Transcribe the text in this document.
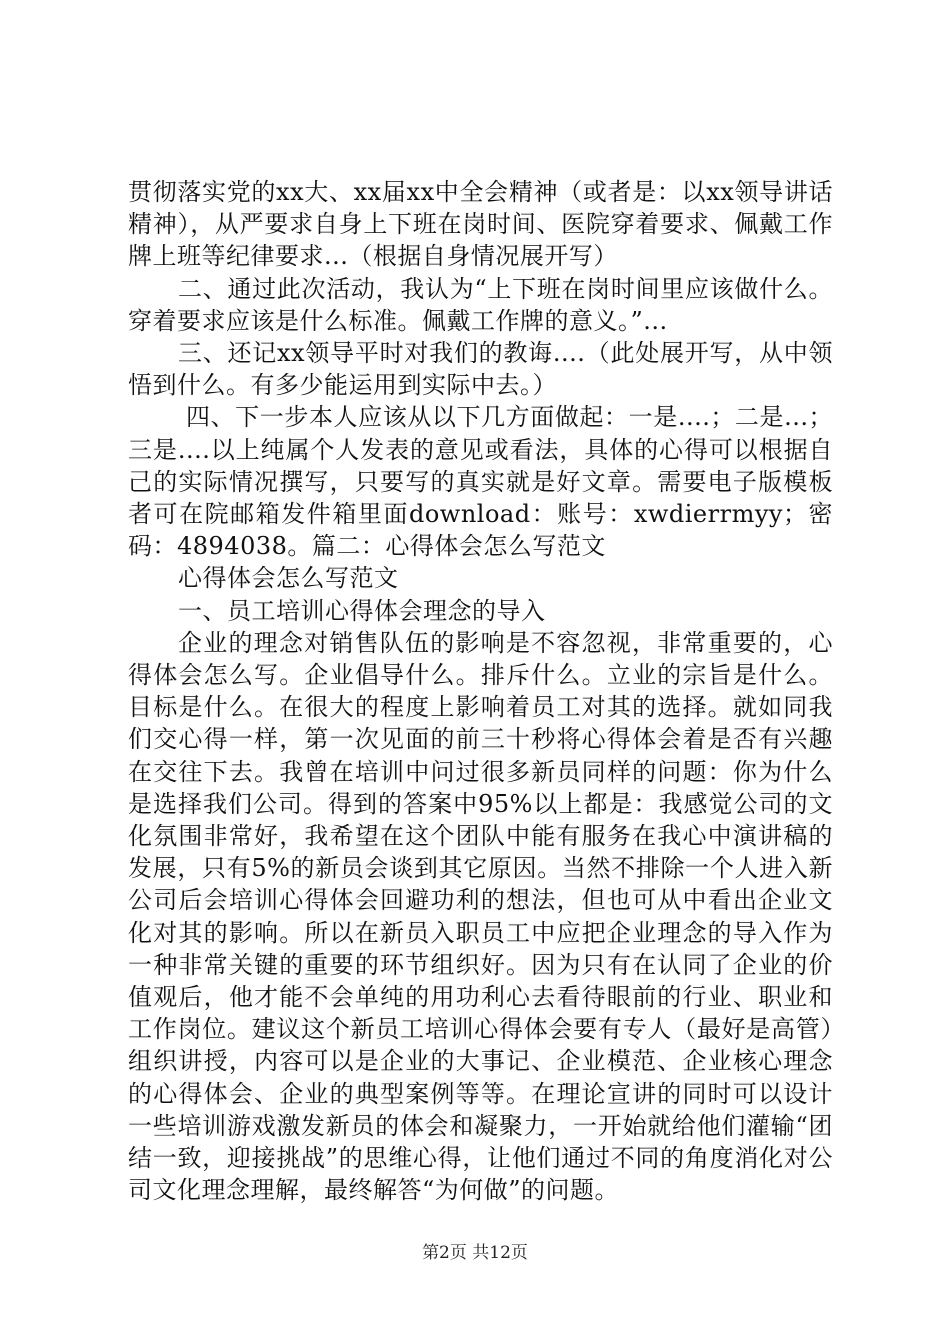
贯彻落实党的xx大、xx届xx中全会精神（或者是：以xx领导讲话精神），从严要求自身上下班在岗时间、医院穿着要求、佩戴工作牌上班等纪律要求...（根据自身情况展开写）

二、通过此次活动，我认为“上下班在岗时间里应该做什么。穿着要求应该是什么标准。佩戴工作牌的意义。”...

三、还记xx领导平时对我们的教诲....（此处展开写，从中领悟到什么。有多少能运用到实际中去。）

四、下一步本人应该从以下几方面做起：一是....；二是...；三是....以上纯属个人发表的意见或看法，具体的心得可以根据自己的实际情况撰写，只要写的真实就是好文章。需要电子版模板者可在院邮箱发件箱里面download：账号：xwdierrmyy；密码：4894038。篇二：心得体会怎么写范文

心得体会怎么写范文

一、员工培训心得体会理念的导入

企业的理念对销售队伍的影响是不容忽视，非常重要的，心得体会怎么写。企业倡导什么。排斥什么。立业的宗旨是什么。目标是什么。在很大的程度上影响着员工对其的选择。就如同我们交心得一样，第一次见面的前三十秒将心得体会着是否有兴趣在交往下去。我曾在培训中问过很多新员同样的问题：你为什么是选择我们公司。得到的答案中95%以上都是：我感觉公司的文化氛围非常好，我希望在这个团队中能有服务在我心中演讲稿的发展，只有5%的新员会谈到其它原因。当然不排除一个人进入新公司后会培训心得体会回避功利的想法，但也可从中看出企业文化对其的影响。所以在新员入职员工中应把企业理念的导入作为一种非常关键的重要的环节组织好。因为只有在认同了企业的价值观后，他才能不会单纯的用功利心去看待眼前的行业、职业和工作岗位。建议这个新员工培训心得体会要有专人（最好是高管）组织讲授，内容可以是企业的大事记、企业模范、企业核心理念的心得体会、企业的典型案例等等。在理论宣讲的同时可以设计一些培训游戏激发新员的体会和凝聚力，一开始就给他们灌输“团结一致，迎接挑战”的思维心得，让他们通过不同的角度消化对公司文化理念理解，最终解答“为何做”的问题。

第2页 共12页
